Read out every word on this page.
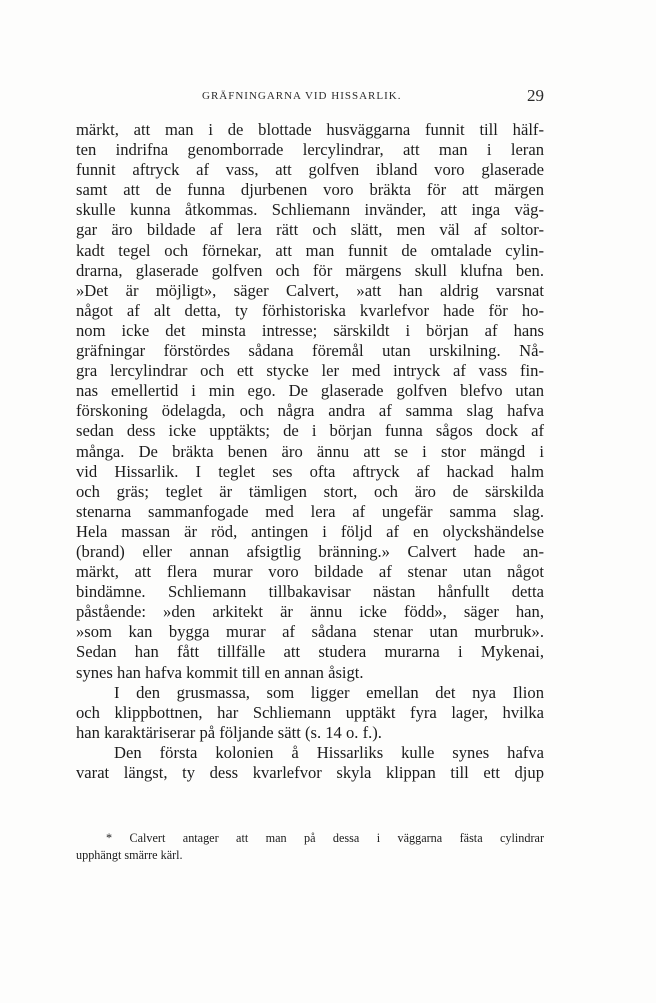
GRÄFNINGARNA VID HISSARLIK.	29
märkt, att man i de blottade husväggarna funnit till hälf-
ten indrifna genomborrade lercylindrar, att man i leran
funnit aftryck af vass, att golfven ibland voro glaserade
samt att de funna djurbenen voro bräkta för att märgen
skulle kunna åtkommas. Schliemann invänder, att inga väg-
gar äro bildade af lera rätt och slätt, men väl af soltor-
kadt tegel och förnekar, att man funnit de omtalade cylin-
drarna, glaserade golfven och för märgens skull klufna ben.
»Det är möjligt», säger Calvert, »att han aldrig varsnat
något af alt detta, ty förhistoriska kvarlefvor hade för ho-
nom icke det minsta intresse; särskildt i början af hans
gräfningar förstördes sådana föremål utan urskilning. Nå-
gra lercylindrar och ett stycke ler med intryck af vass fin-
nas emellertid i min ego. De glaserade golfven blefvo utan
förskoning ödelagda, och några andra af samma slag hafva
sedan dess icke upptäkts; de i början funna sågos dock af
många. De bräkta benen äro ännu att se i stor mängd i
vid Hissarlik. I teglet ses ofta aftryck af hackad halm
och gräs; teglet är tämligen stort, och äro de särskilda
stenarna sammanfogade med lera af ungefär samma slag.
Hela massan är röd, antingen i följd af en olyckshändelse
(brand) eller annan afsigtlig bränning.» Calvert hade an-
märkt, att flera murar voro bildade af stenar utan något
bindämne. Schliemann tillbakavisar nästan hånfullt detta
påstående: »den arkitekt är ännu icke född», säger han,
»som kan bygga murar af sådana stenar utan murbruk».
Sedan han fått tillfälle att studera murarna i Mykenai,
synes han hafva kommit till en annan åsigt.
I den grusmassa, som ligger emellan det nya Ilion
och klippbottnen, har Schliemann upptäkt fyra lager, hvilka
han karaktäriserar på följande sätt (s. 14 o. f.).
Den första kolonien å Hissarliks kulle synes hafva
varat längst, ty dess kvarlefvor skyla klippan till ett djup
* Calvert antager att man på dessa i väggarna fästa cylindrar
upphängt smärre kärl.
